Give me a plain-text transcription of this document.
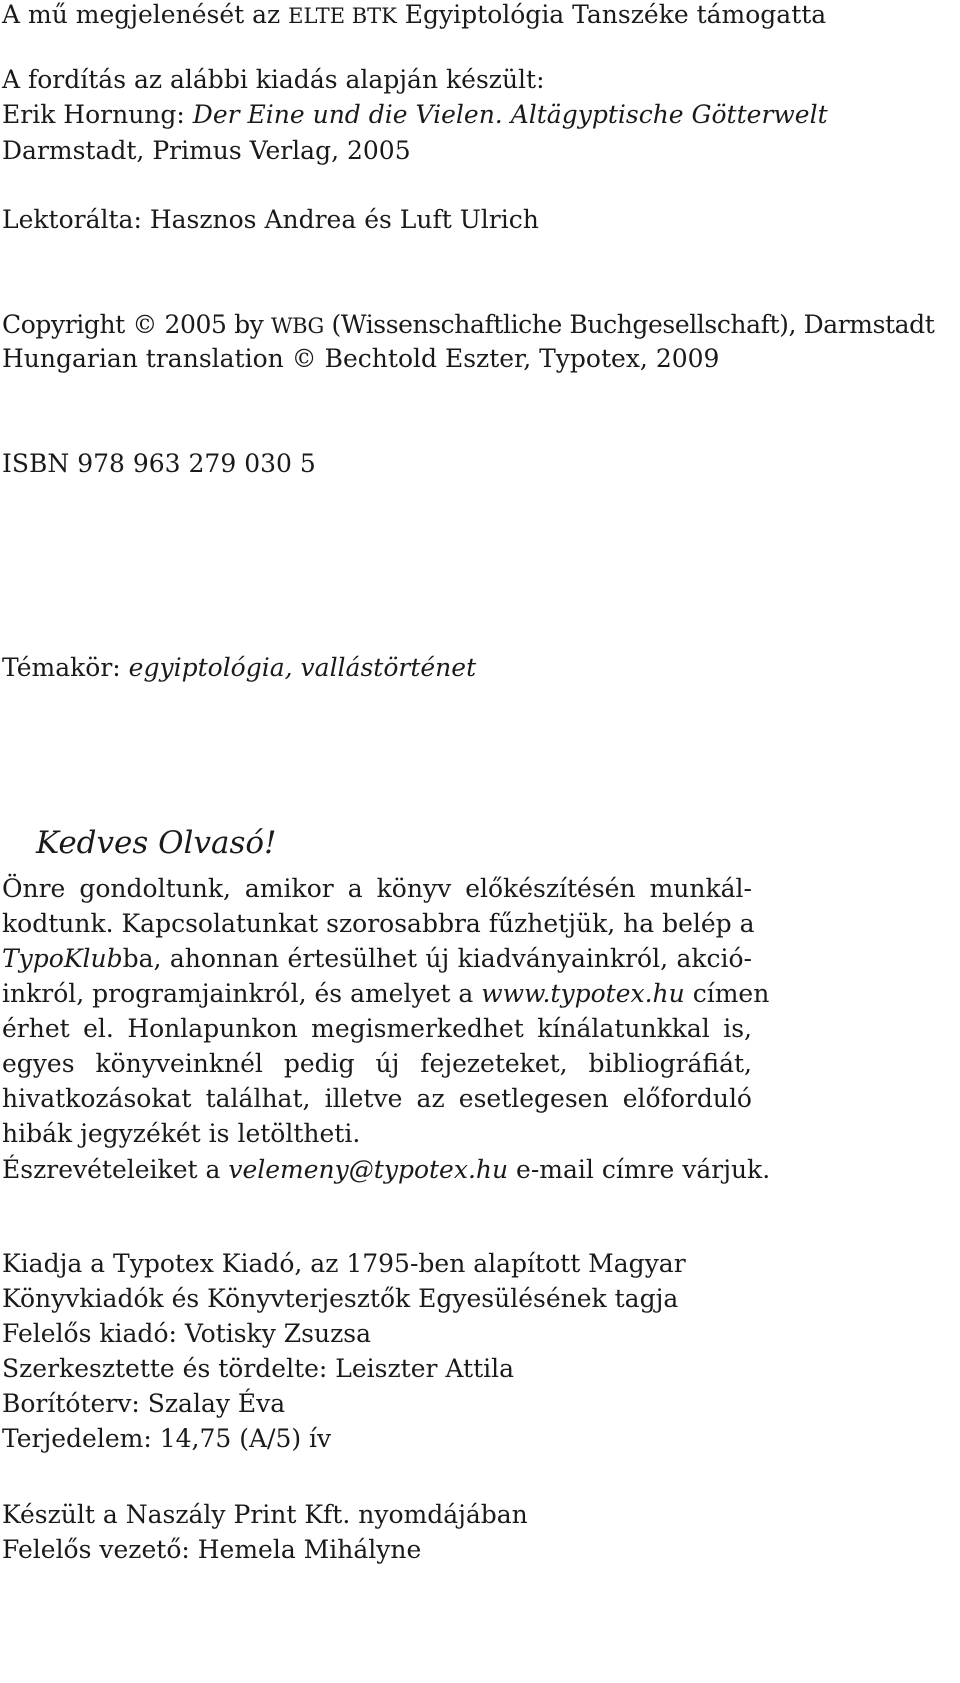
A mű megjelenését az ELTE BTK Egyiptológia Tanszéke támogatta
A fordítás az alábbi kiadás alapján készült:
Erik Hornung: Der Eine und die Vielen. Altägyptische Götterwelt
Darmstadt, Primus Verlag, 2005
Lektorálta: Hasznos Andrea és Luft Ulrich
Copyright © 2005 by WBG (Wissenschaftliche Buchgesellschaft), Darmstadt
Hungarian translation © Bechtold Eszter, Typotex, 2009
ISBN 978 963 279 030 5
Témakör: egyiptológia, vallástörténet
Kedves Olvasó!
Önre gondoltunk, amikor a könyv előkészítésén munkál-
kodtunk. Kapcsolatunkat szorosabbra fűzhetjük, ha belép a
TypoKlubba, ahonnan értesülhet új kiadványainkról, akció-
inkról, programjainkról, és amelyet a www.typotex.hu címen
érhet el. Honlapunkon megismerkedhet kínálatunkkal is,
egyes könyveinknél pedig új fejezeteket, bibliográfiát,
hivatkozásokat találhat, illetve az esetlegesen előforduló
hibák jegyzékét is letöltheti.
Észrevételeiket a velemeny@typotex.hu e-mail címre várjuk.
Kiadja a Typotex Kiadó, az 1795-ben alapított Magyar
Könyvkiadók és Könyvterjesztők Egyesülésének tagja
Felelős kiadó: Votisky Zsuzsa
Szerkesztette és tördelte: Leiszter Attila
Borítóterv: Szalay Éva
Terjedelem: 14,75 (A/5) ív
Készült a Naszály Print Kft. nyomdájában
Felelős vezető: Hemela Mihályne
